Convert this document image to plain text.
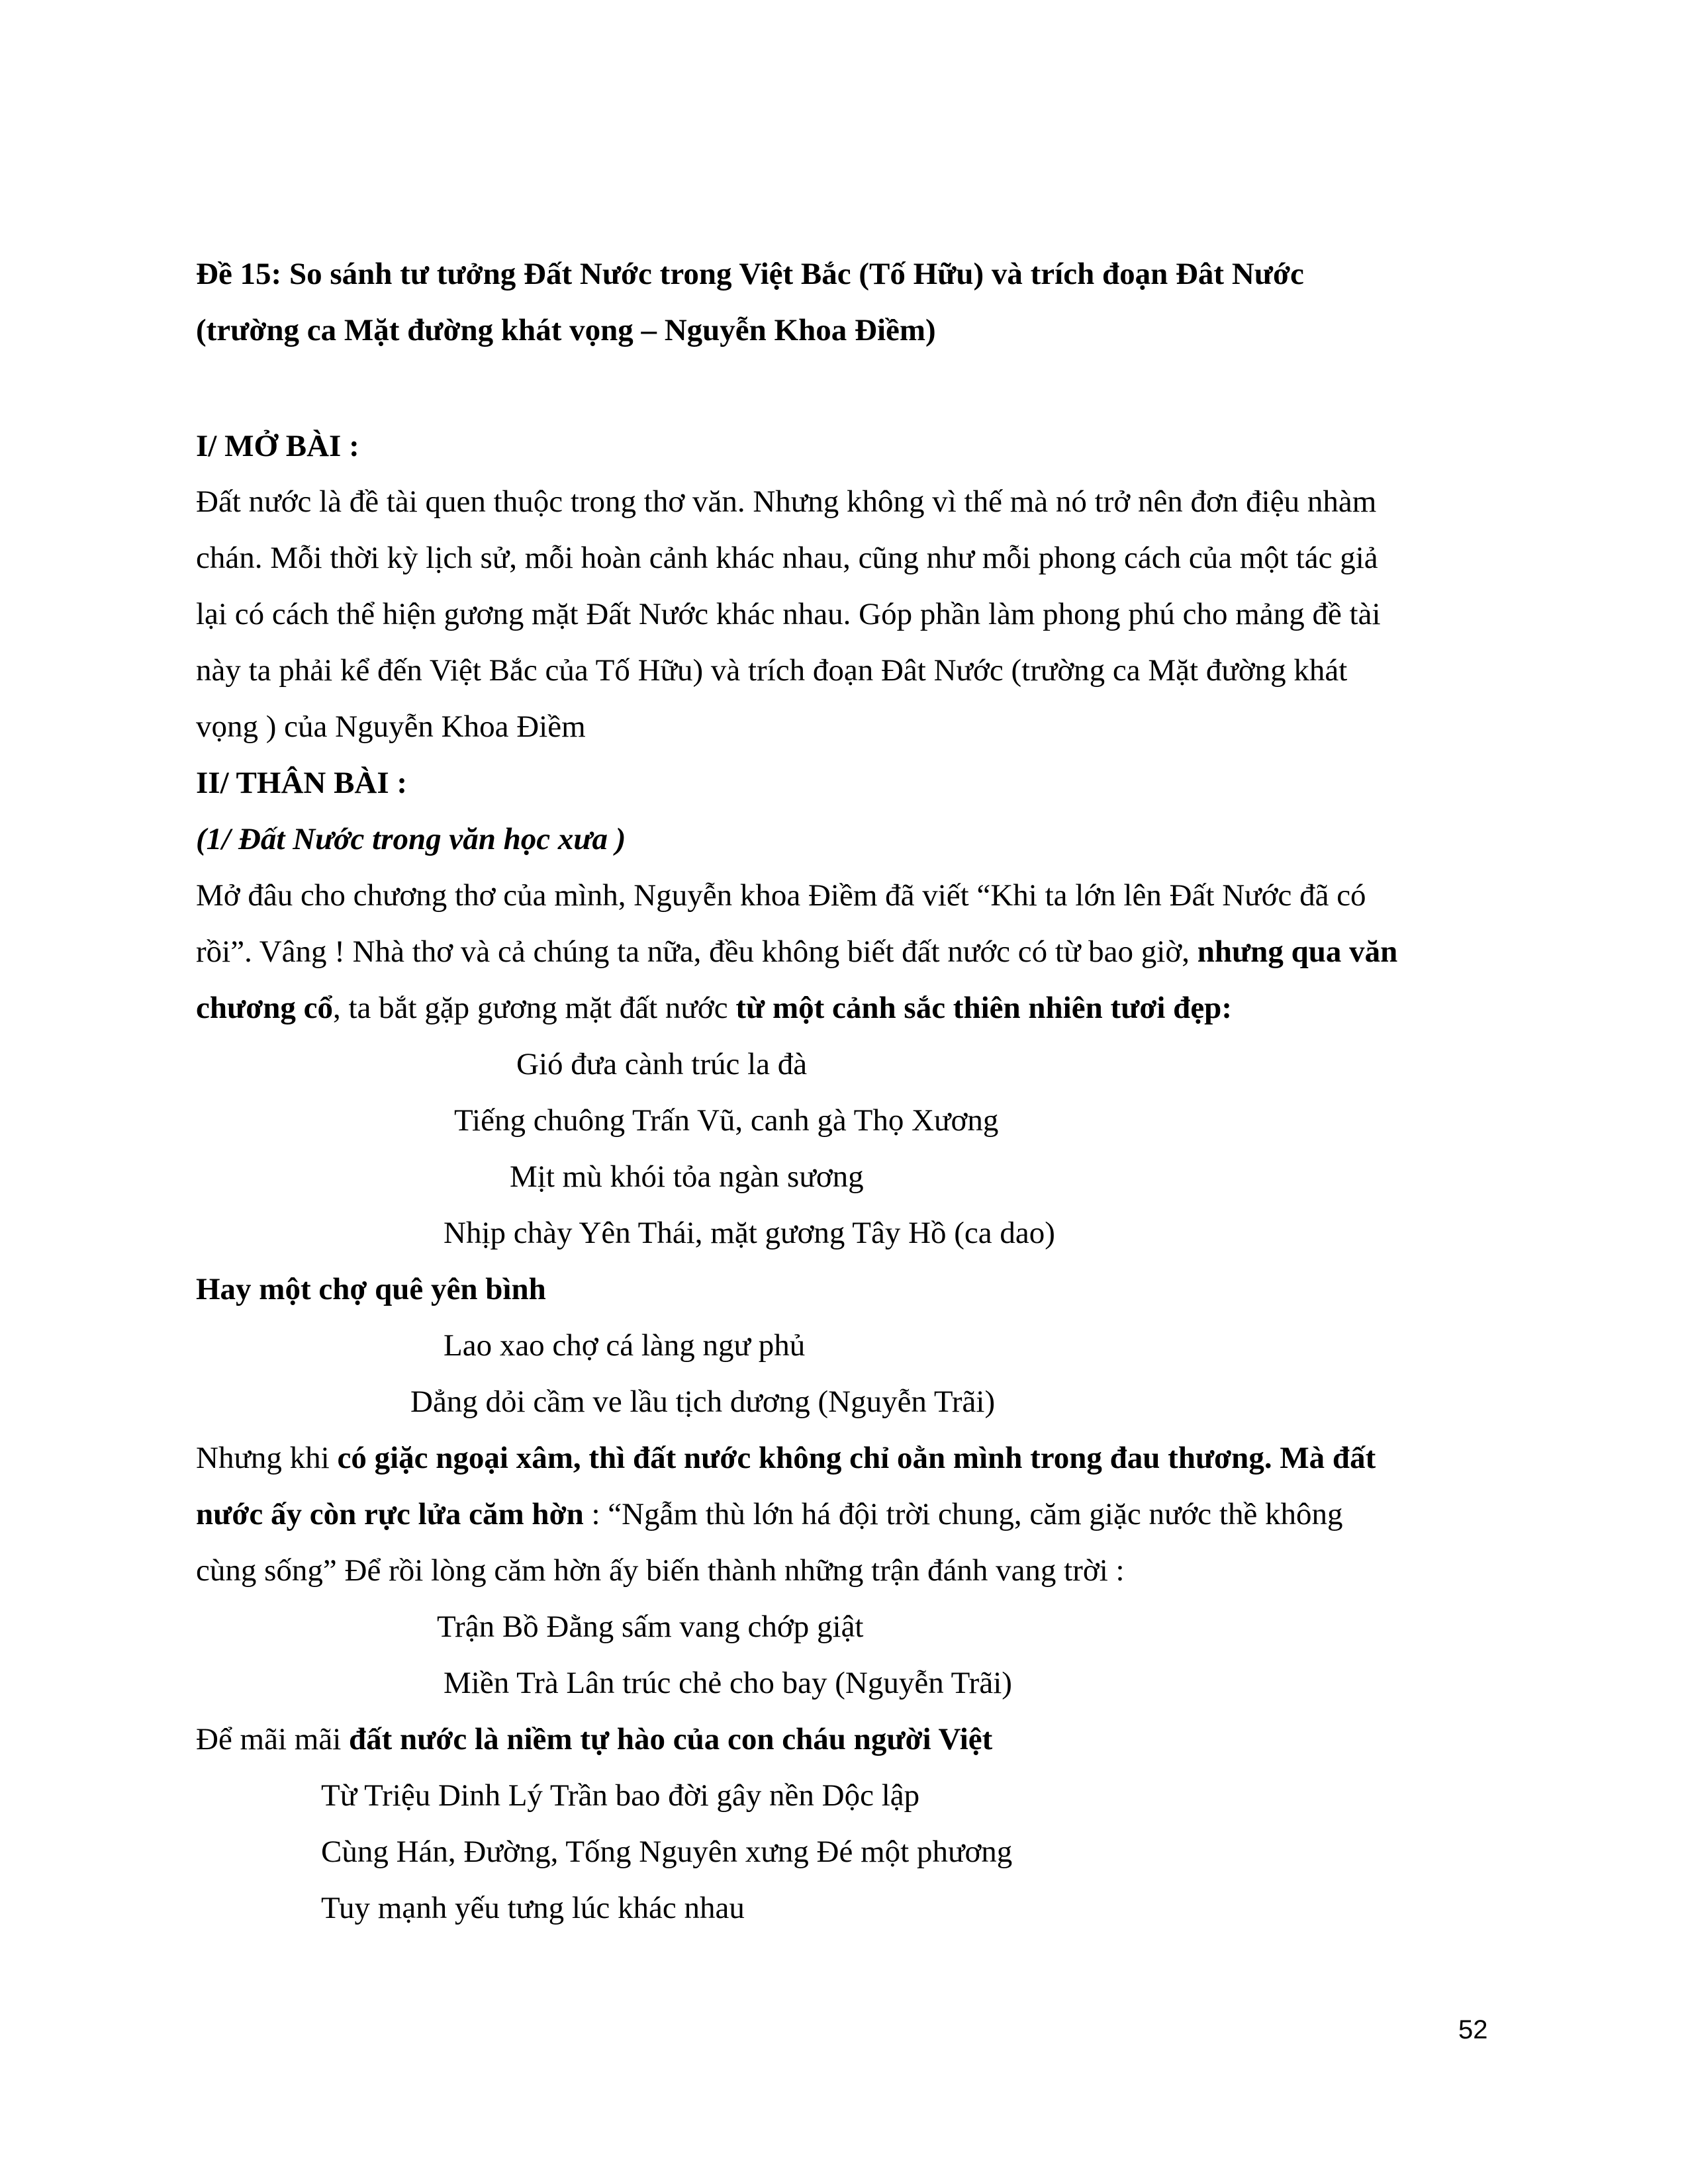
Đề 15: So sánh tư tưởng Đất Nước trong Việt Bắc (Tố Hữu) và trích đoạn Đât Nước
(trường ca Mặt đường khát vọng – Nguyễn Khoa Điềm)
I/ MỞ BÀI :
Đất nước là đề tài quen thuộc trong thơ văn. Nhưng không vì thế mà nó trở nên đơn điệu nhàm
chán. Mỗi thời kỳ lịch sử, mỗi hoàn cảnh khác nhau, cũng như mỗi phong cách của một tác giả
lại có cách thể hiện gương mặt Đất Nước khác nhau. Góp phần làm phong phú cho mảng đề tài
này ta phải kể đến Việt Bắc của Tố Hữu) và trích đoạn Đât Nước (trường ca Mặt đường khát
vọng ) của Nguyễn Khoa Điềm
II/ THÂN BÀI :
(1/ Đất Nước trong văn học xưa )
Mở đâu cho chương thơ của mình, Nguyễn khoa Điềm đã viết “Khi ta lớn lên Đất Nước đã có
rồi”. Vâng ! Nhà thơ và cả chúng ta nữa, đều không biết đất nước có từ bao giờ, nhưng qua văn
chương cổ, ta bắt gặp gương mặt đất nước từ một cảnh sắc thiên nhiên tươi đẹp:
Gió đưa cành trúc la đà
Tiếng chuông Trấn Vũ, canh gà Thọ Xương
Mịt mù khói tỏa ngàn sương
Nhịp chày Yên Thái, mặt gương Tây Hồ (ca dao)
Hay một chợ quê yên bình
Lao xao chợ cá làng ngư phủ
Dẳng dỏi cầm ve lầu tịch dương (Nguyễn Trãi)
Nhưng khi có giặc ngoại xâm, thì đất nước không chỉ oằn mình trong đau thương. Mà đất
nước ấy còn rực lửa căm hờn : “Ngẫm thù lớn há đội trời chung, căm giặc nước thề không
cùng sống” Để rồi lòng căm hờn ấy biến thành những trận đánh vang trời :
Trận Bồ Đằng sấm vang chớp giật
Miền Trà Lân trúc chẻ cho bay (Nguyễn Trãi)
Để mãi mãi đất nước là niềm tự hào của con cháu người Việt
Từ Triệu Dinh Lý Trần bao đời gây nền Dộc lập
Cùng Hán, Đường, Tống Nguyên xưng Đé một phương
Tuy mạnh yếu tưng lúc khác nhau
52
